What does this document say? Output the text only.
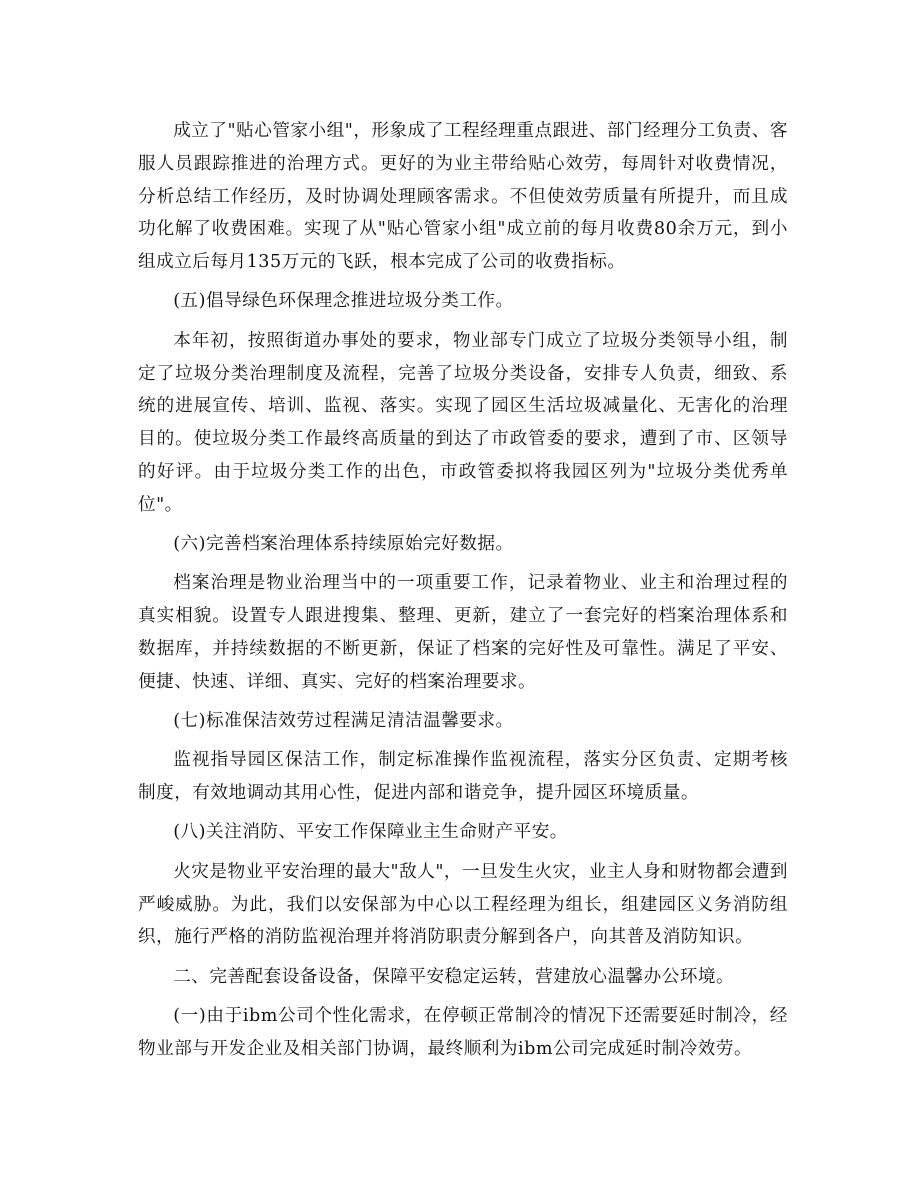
成立了"贴心管家小组"，形象成了工程经理重点跟进、部门经理分工负责、客服人员跟踪推进的治理方式。更好的为业主带给贴心效劳，每周针对收费情况，分析总结工作经历，及时协调处理顾客需求。不但使效劳质量有所提升，而且成功化解了收费困难。实现了从"贴心管家小组"成立前的每月收费80余万元，到小组成立后每月135万元的飞跃，根本完成了公司的收费指标。

(五)倡导绿色环保理念推进垃圾分类工作。

本年初，按照街道办事处的要求，物业部专门成立了垃圾分类领导小组，制定了垃圾分类治理制度及流程，完善了垃圾分类设备，安排专人负责，细致、系统的进展宣传、培训、监视、落实。实现了园区生活垃圾减量化、无害化的治理目的。使垃圾分类工作最终高质量的到达了市政管委的要求，遭到了市、区领导的好评。由于垃圾分类工作的出色，市政管委拟将我园区列为"垃圾分类优秀单位"。

(六)完善档案治理体系持续原始完好数据。

档案治理是物业治理当中的一项重要工作，记录着物业、业主和治理过程的真实相貌。设置专人跟进搜集、整理、更新，建立了一套完好的档案治理体系和数据库，并持续数据的不断更新，保证了档案的完好性及可靠性。满足了平安、便捷、快速、详细、真实、完好的档案治理要求。

(七)标准保洁效劳过程满足清洁温馨要求。

监视指导园区保洁工作，制定标准操作监视流程，落实分区负责、定期考核制度，有效地调动其用心性，促进内部和谐竞争，提升园区环境质量。

(八)关注消防、平安工作保障业主生命财产平安。

火灾是物业平安治理的最大"敌人"，一旦发生火灾，业主人身和财物都会遭到严峻威胁。为此，我们以安保部为中心以工程经理为组长，组建园区义务消防组织，施行严格的消防监视治理并将消防职责分解到各户，向其普及消防知识。

二、完善配套设备设备，保障平安稳定运转，营建放心温馨办公环境。

(一)由于ibm公司个性化需求，在停顿正常制冷的情况下还需要延时制冷，经物业部与开发企业及相关部门协调，最终顺利为ibm公司完成延时制冷效劳。
